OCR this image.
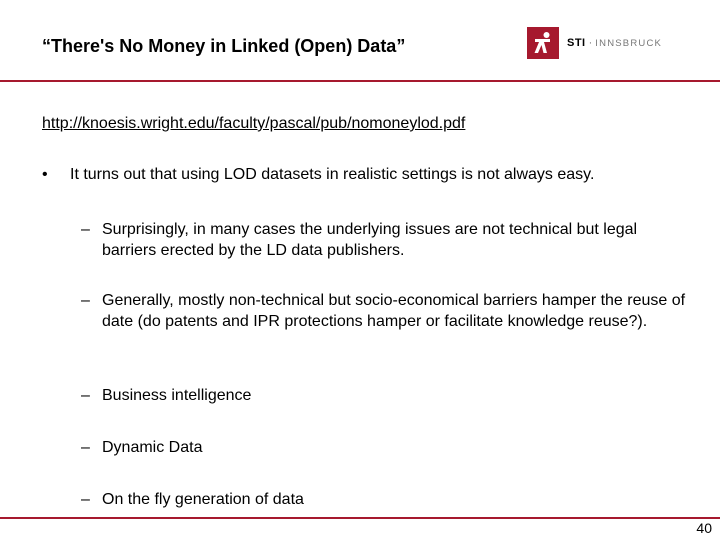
“There's No Money in Linked (Open) Data”	STI · INNSBRUCK
http://knoesis.wright.edu/faculty/pascal/pub/nomoneylod.pdf
• It turns out that using LOD datasets in realistic settings is not always easy.
– Surprisingly, in many cases the underlying issues are not technical but legal barriers erected by the LD data publishers.
– Generally, mostly non-technical but socio-economical barriers hamper the reuse of date (do patents and IPR protections hamper or facilitate knowledge reuse?).
– Business intelligence
– Dynamic Data
– On the fly generation of data
40
